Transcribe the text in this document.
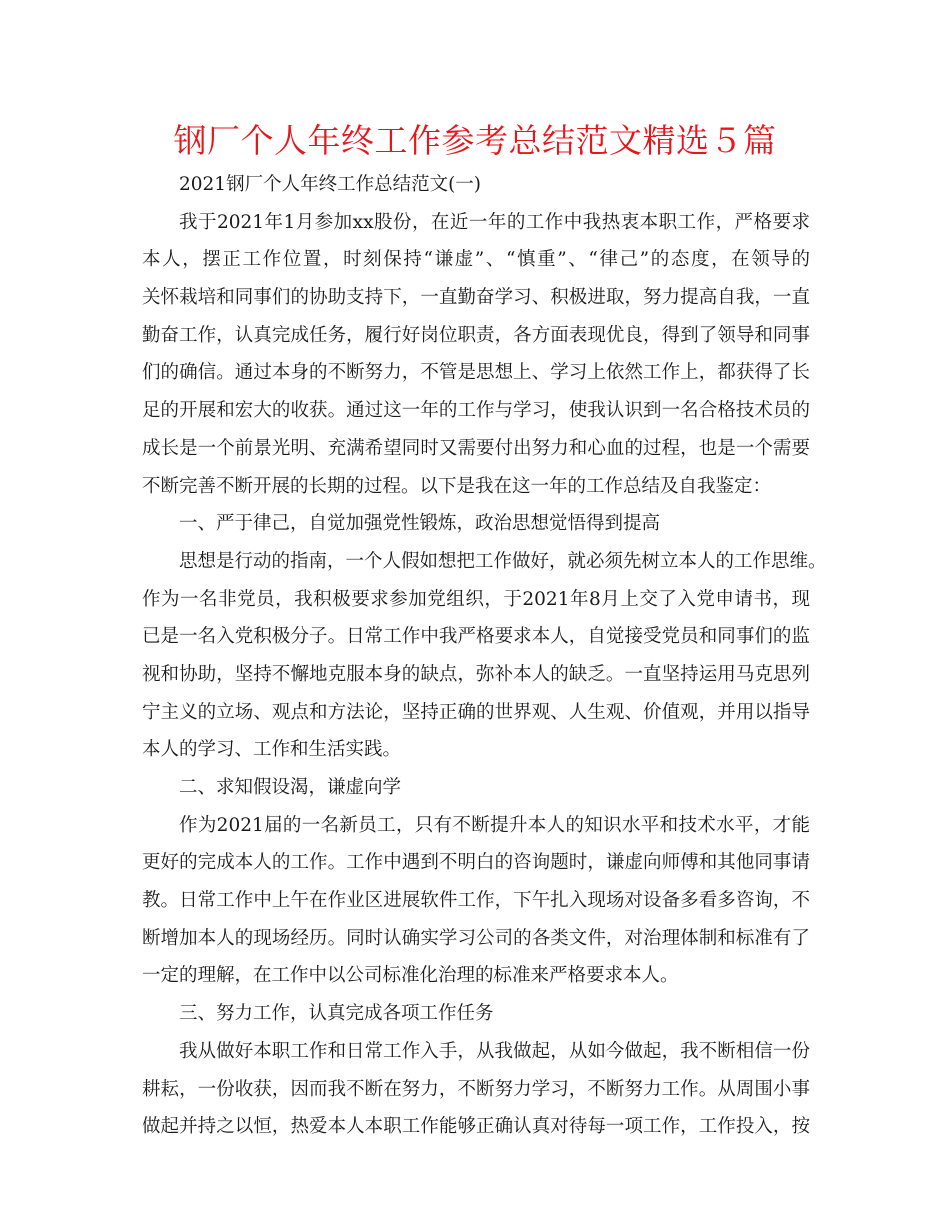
钢厂个人年终工作参考总结范文精选５篇
2021钢厂个人年终工作总结范文(一)
我于2021年1月参加xx股份，在近一年的工作中我热衷本职工作，严格要求
本人，摆正工作位置，时刻保持“谦虚”、“慎重”、“律己”的态度，在领导的
关怀栽培和同事们的协助支持下，一直勤奋学习、积极进取，努力提高自我，一直
勤奋工作，认真完成任务，履行好岗位职责，各方面表现优良，得到了领导和同事
们的确信。通过本身的不断努力，不管是思想上、学习上依然工作上，都获得了长
足的开展和宏大的收获。通过这一年的工作与学习，使我认识到一名合格技术员的
成长是一个前景光明、充满希望同时又需要付出努力和心血的过程，也是一个需要
不断完善不断开展的长期的过程。以下是我在这一年的工作总结及自我鉴定：
一、严于律己，自觉加强党性锻炼，政治思想觉悟得到提高
思想是行动的指南，一个人假如想把工作做好，就必须先树立本人的工作思维。
作为一名非党员，我积极要求参加党组织，于2021年8月上交了入党申请书，现
已是一名入党积极分子。日常工作中我严格要求本人，自觉接受党员和同事们的监
视和协助，坚持不懈地克服本身的缺点，弥补本人的缺乏。一直坚持运用马克思列
宁主义的立场、观点和方法论，坚持正确的世界观、人生观、价值观，并用以指导
本人的学习、工作和生活实践。
二、求知假设渴，谦虚向学
作为2021届的一名新员工，只有不断提升本人的知识水平和技术水平，才能
更好的完成本人的工作。工作中遇到不明白的咨询题时，谦虚向师傅和其他同事请
教。日常工作中上午在作业区进展软件工作，下午扎入现场对设备多看多咨询，不
断增加本人的现场经历。同时认确实学习公司的各类文件，对治理体制和标准有了
一定的理解，在工作中以公司标准化治理的标准来严格要求本人。
三、努力工作，认真完成各项工作任务
我从做好本职工作和日常工作入手，从我做起，从如今做起，我不断相信一份
耕耘，一份收获，因而我不断在努力，不断努力学习，不断努力工作。从周围小事
做起并持之以恒，热爱本人本职工作能够正确认真对待每一项工作，工作投入，按
